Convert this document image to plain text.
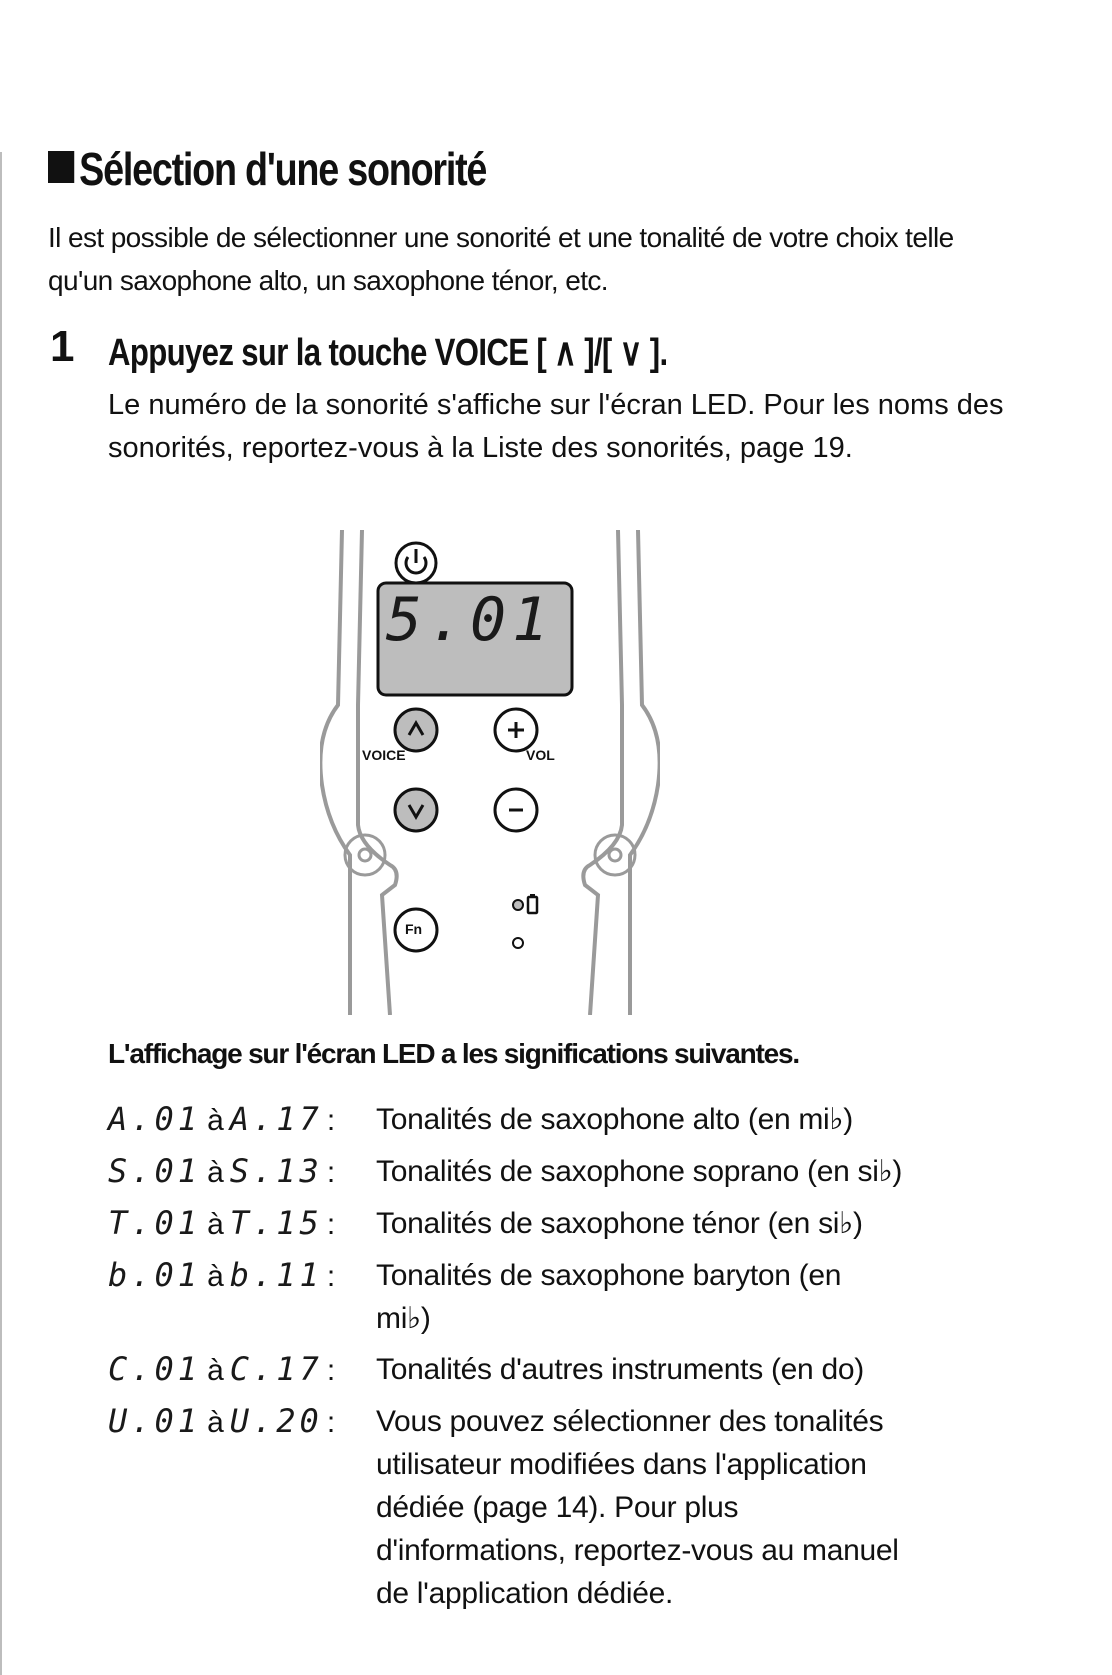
Sélection d'une sonorité
Il est possible de sélectionner une sonorité et une tonalité de votre choix telle qu'un saxophone alto, un saxophone ténor, etc.
1 Appuyez sur la touche VOICE [ ∧ ]/[ ∨ ].
Le numéro de la sonorité s'affiche sur l'écran LED. Pour les noms des sonorités, reportez-vous à la Liste des sonorités, page 19.
5.01
VOICE	VOL
Fn
L'affichage sur l'écran LED a les significations suivantes.
A.01 à A.17 :	Tonalités de saxophone alto (en mi♭)
S.01 à S.13 :	Tonalités de saxophone soprano (en si♭)
T.01 à T.15 :	Tonalités de saxophone ténor (en si♭)
b.01 à b.11 :	Tonalités de saxophone baryton (en mi♭)
C.01 à C.17 :	Tonalités d'autres instruments (en do)
U.01 à U.20 :	Vous pouvez sélectionner des tonalités utilisateur modifiées dans l'application dédiée (page 14). Pour plus d'informations, reportez-vous au manuel de l'application dédiée.
